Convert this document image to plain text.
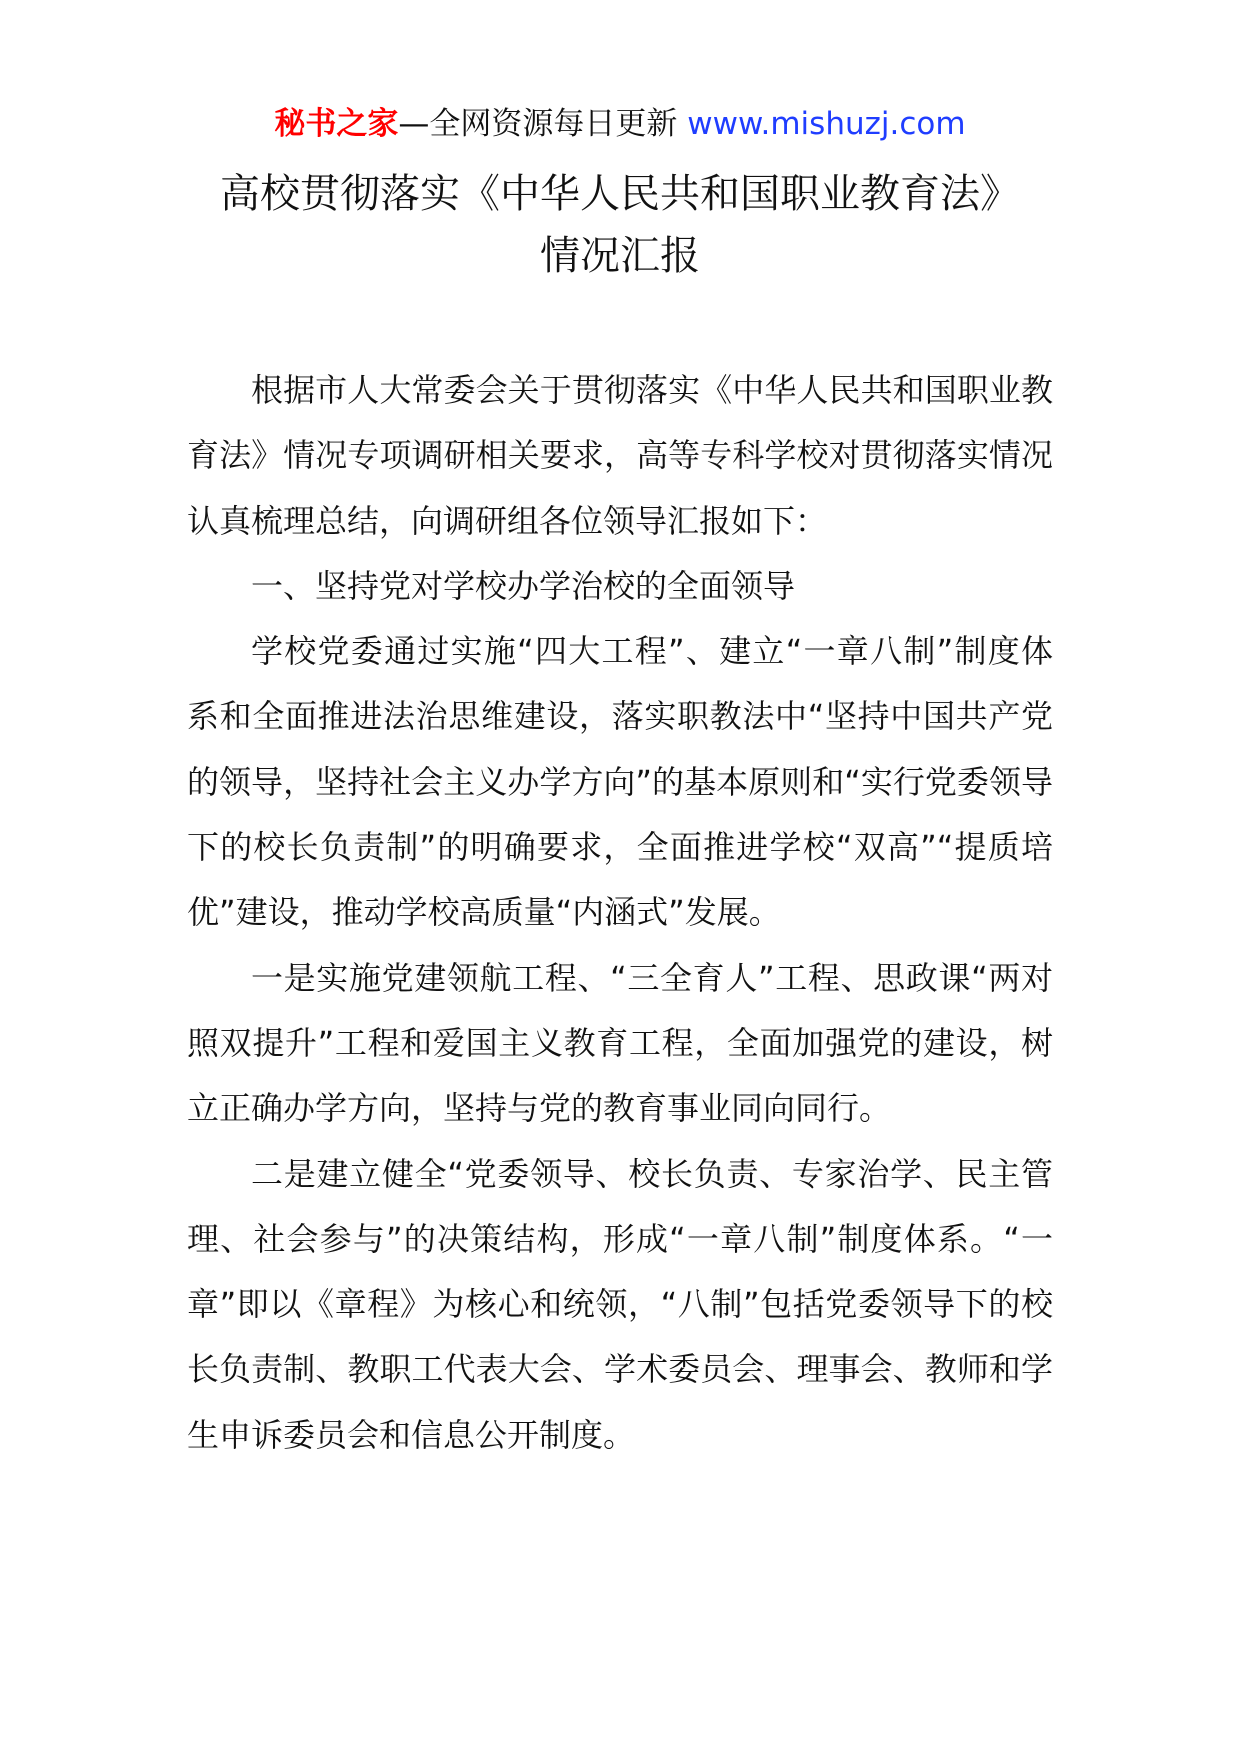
秘书之家—全网资源每日更新 www.mishuzj.com
高校贯彻落实《中华人民共和国职业教育法》
情况汇报

根据市人大常委会关于贯彻落实《中华人民共和国职业教育法》情况专项调研相关要求，高等专科学校对贯彻落实情况认真梳理总结，向调研组各位领导汇报如下：

一、坚持党对学校办学治校的全面领导

学校党委通过实施“四大工程”、建立“一章八制”制度体系和全面推进法治思维建设，落实职教法中“坚持中国共产党的领导，坚持社会主义办学方向”的基本原则和“实行党委领导下的校长负责制”的明确要求，全面推进学校“双高”“提质培优”建设，推动学校高质量“内涵式”发展。

一是实施党建领航工程、“三全育人”工程、思政课“两对照双提升”工程和爱国主义教育工程，全面加强党的建设，树立正确办学方向，坚持与党的教育事业同向同行。

二是建立健全“党委领导、校长负责、专家治学、民主管理、社会参与”的决策结构，形成“一章八制”制度体系。“一章”即以《章程》为核心和统领，“八制”包括党委领导下的校长负责制、教职工代表大会、学术委员会、理事会、教师和学生申诉委员会和信息公开制度。
